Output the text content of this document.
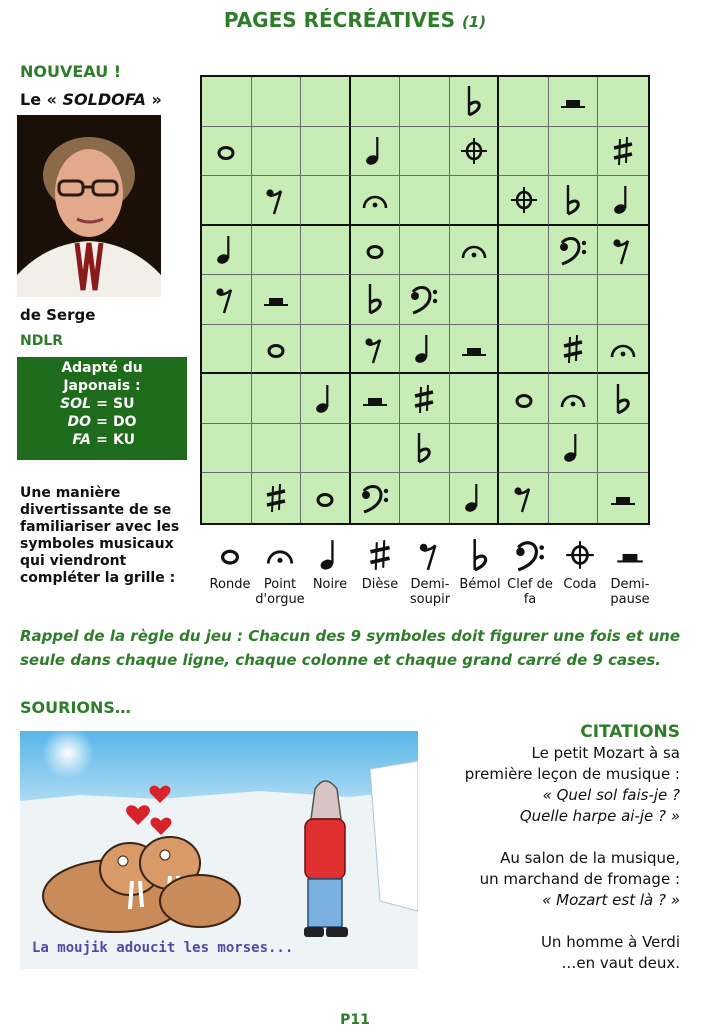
PAGES RÉCRÉATIVES (1)
NOUVEAU !
Le « SOLDOFA »
de Serge
NDLR
Adapté du
Japonais :
SOL = SU
DO = DO
FA = KU
Une manière
divertissante de se
familiariser avec les
symboles musicaux
qui viendront
compléter la grille :	Ronde	Point d'orgue
Noire	Dièse Demi-soupir
Bémol Clef de fa
Coda	Demi-pause
Rappel de la règle du jeu : Chacun des 9 symboles doit figurer une fois et une seule dans chaque ligne, chaque colonne et chaque grand carré de 9 cases.
SOURIONS…
La moujik adoucit les morses...
CITATIONS

Le petit Mozart à sa
première leçon de musique :
« Quel sol fais-je ?
Quelle harpe ai-je ? »

Au salon de la musique,
un marchand de fromage :
« Mozart est là ? »

Un homme à Verdi
…en vaut deux.

P11
